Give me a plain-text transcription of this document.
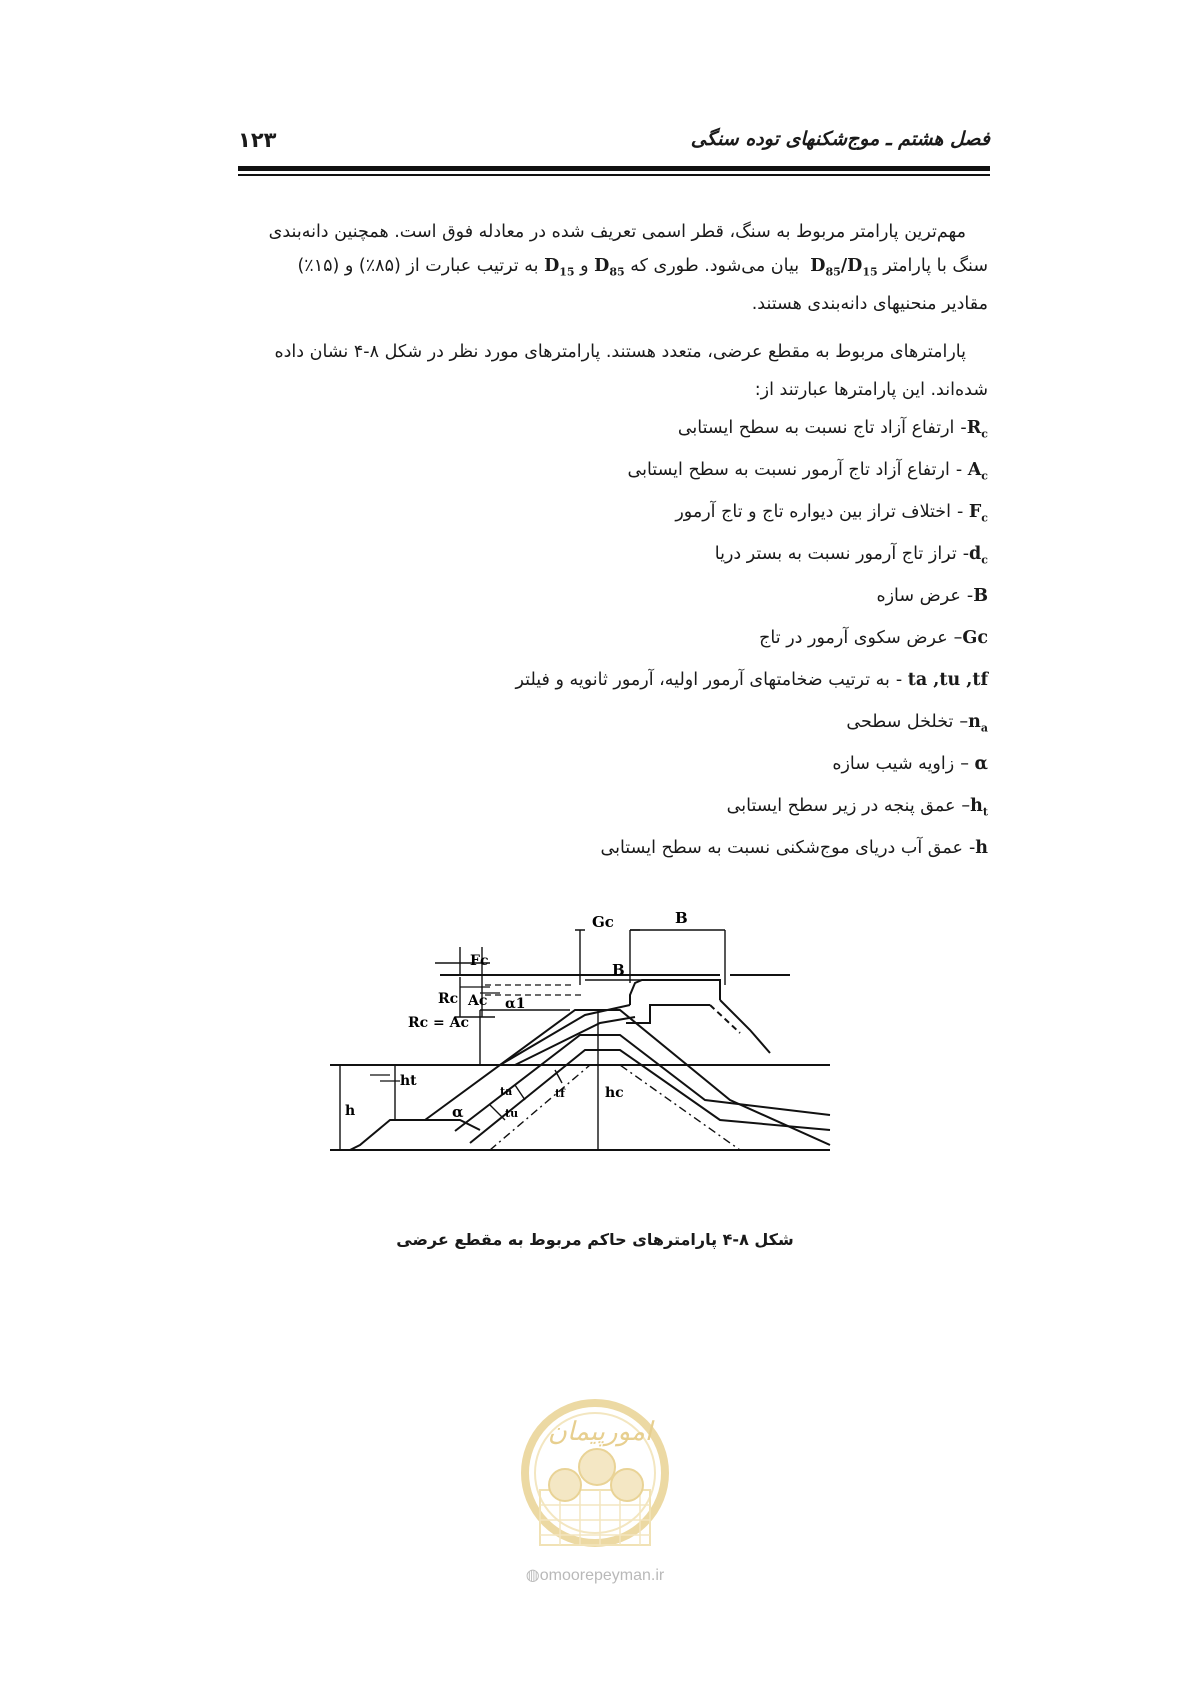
فصل هشتم ـ موج‌شکنهای توده سنگی
۱۲۳
مهم‌ترین پارامتر مربوط به سنگ، قطر اسمی تعریف شده در معادله فوق است. همچنین دانه‌بندی
سنگ با پارامتر $D_{85}/D_{15}$  بیان می‌شود. طوری که $D_{85}$ و $D_{15}$ به ترتیب عبارت از (۸۵٪) و (۱۵٪)
مقادیر منحنیهای دانه‌بندی هستند.
پارامترهای مربوط به مقطع عرضی، متعدد هستند. پارامترهای مورد نظر در شکل ۸-۴ نشان داده
شده‌اند. این پارامترها عبارتند از:
$R_c$-ارتفاع آزاد تاج نسبت به سطح ایستابی
$A_c$ -ارتفاع آزاد تاج آرمور نسبت به سطح ایستابی
$F_c$ -اختلاف تراز بین دیواره تاج و تاج آرمور
$d_c$-تراز تاج آرمور نسبت به بستر دریا
B-عرض سازه
Gc–عرض سکوی آرمور در تاج
ta ,tu ,tf -به ترتیب ضخامتهای آرمور اولیه، آرمور ثانویه و فیلتر
$n_a$–تخلخل سطحی
α –زاویه شیب سازه
$h_t$–عمق پنجه در زیر سطح ایستابی
h-عمق آب دریای موج‌شکنی نسبت به سطح ایستابی
Gc	B
Fc
Rc Ac α1
B
Rc = Ac
h
ht
α
ta
tu
tf	hc
شکل ۸-۴ پارامترهای حاکم مربوط به مقطع عرضی
امورپیمان
◍omoorepeyman.ir
